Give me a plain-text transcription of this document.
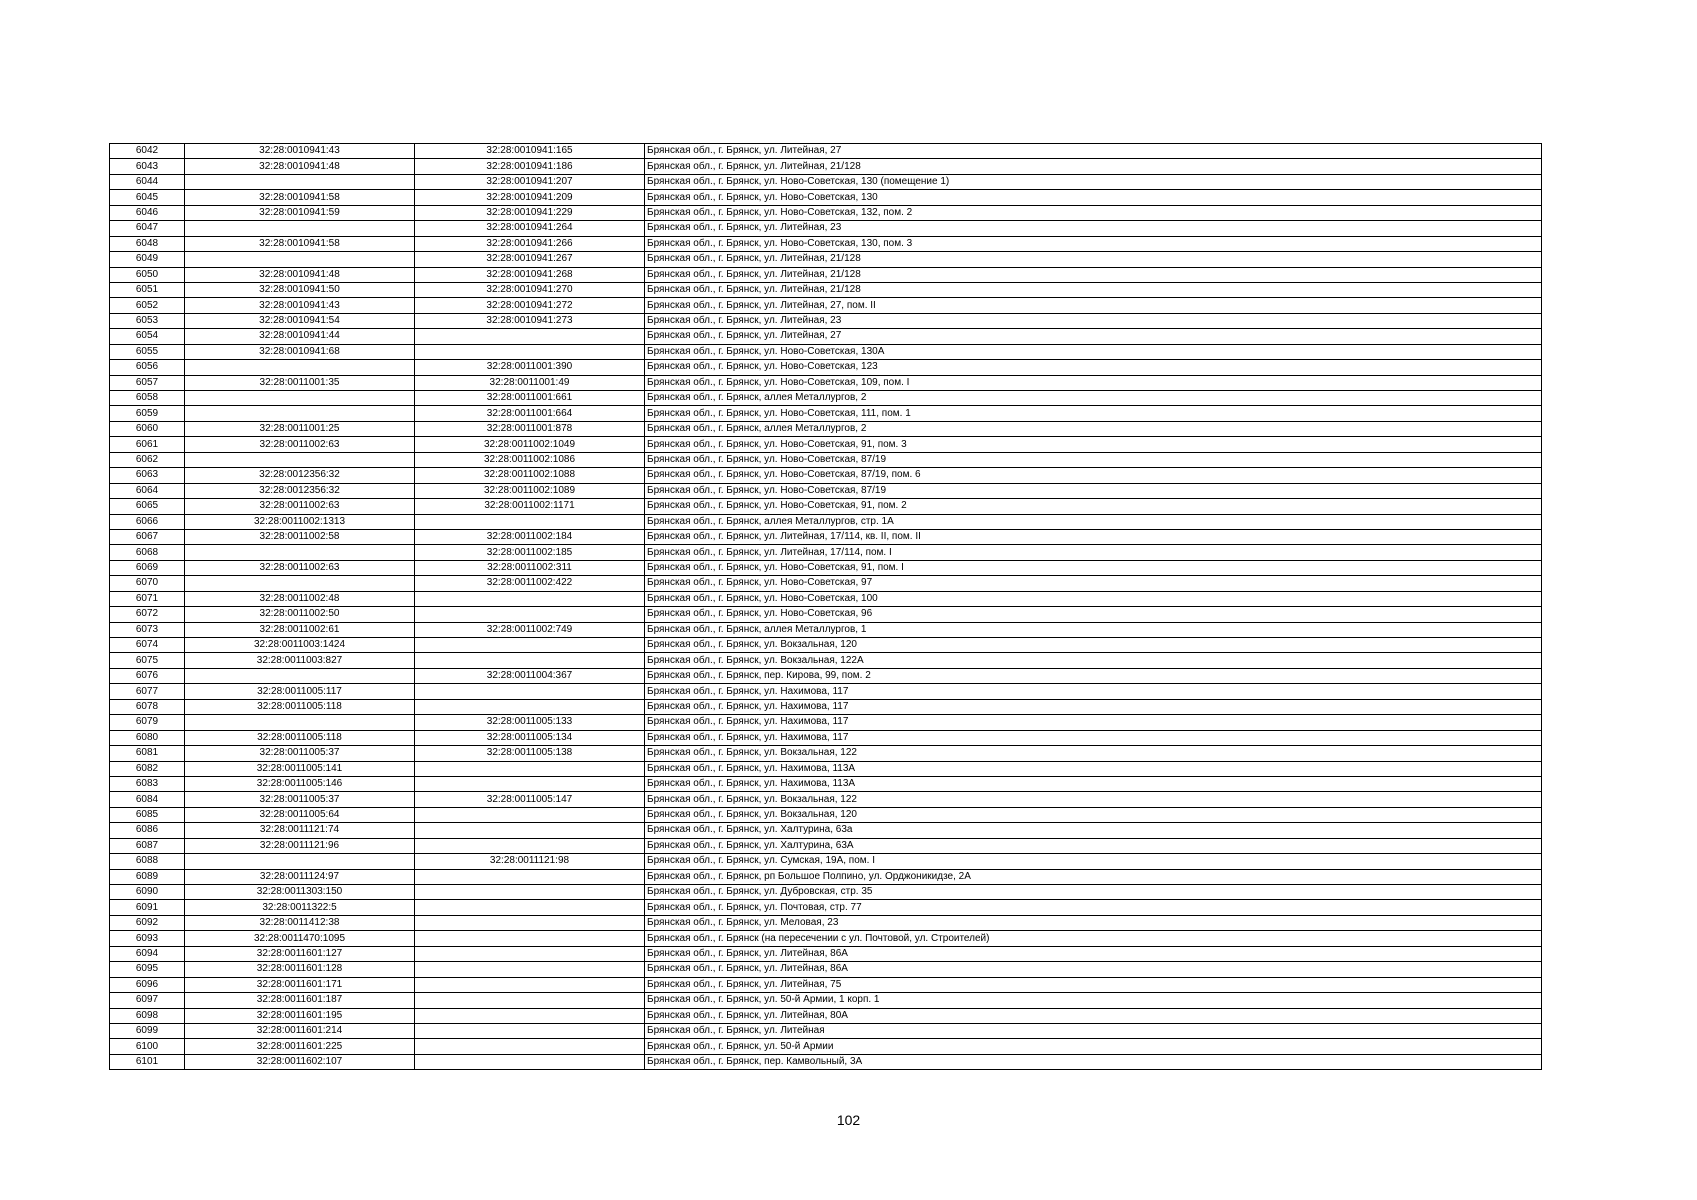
6042	32:28:0010941:43	32:28:0010941:165	Брянская обл., г. Брянск, ул. Литейная, 27
6043	32:28:0010941:48	32:28:0010941:186	Брянская обл., г. Брянск, ул. Литейная, 21/128
6044		32:28:0010941:207	Брянская обл., г. Брянск, ул. Ново-Советская, 130 (помещение 1)
6045	32:28:0010941:58	32:28:0010941:209	Брянская обл., г. Брянск, ул. Ново-Советская, 130
6046	32:28:0010941:59	32:28:0010941:229	Брянская обл., г. Брянск, ул. Ново-Советская, 132, пом. 2
6047		32:28:0010941:264	Брянская обл., г. Брянск, ул. Литейная, 23
6048	32:28:0010941:58	32:28:0010941:266	Брянская обл., г. Брянск, ул. Ново-Советская, 130, пом. 3
6049		32:28:0010941:267	Брянская обл., г. Брянск, ул. Литейная, 21/128
6050	32:28:0010941:48	32:28:0010941:268	Брянская обл., г. Брянск, ул. Литейная, 21/128
6051	32:28:0010941:50	32:28:0010941:270	Брянская обл., г. Брянск, ул. Литейная, 21/128
6052	32:28:0010941:43	32:28:0010941:272	Брянская обл., г. Брянск, ул. Литейная, 27, пом. II
6053	32:28:0010941:54	32:28:0010941:273	Брянская обл., г. Брянск, ул. Литейная, 23
6054	32:28:0010941:44		Брянская обл., г. Брянск, ул. Литейная, 27
6055	32:28:0010941:68		Брянская обл., г. Брянск, ул. Ново-Советская, 130А
6056		32:28:0011001:390	Брянская обл., г. Брянск, ул. Ново-Советская, 123
6057	32:28:0011001:35	32:28:0011001:49	Брянская обл., г. Брянск, ул. Ново-Советская, 109, пом. I
6058		32:28:0011001:661	Брянская обл., г. Брянск, аллея Металлургов, 2
6059		32:28:0011001:664	Брянская обл., г. Брянск, ул. Ново-Советская, 111, пом. 1
6060	32:28:0011001:25	32:28:0011001:878	Брянская обл., г. Брянск, аллея Металлургов, 2
6061	32:28:0011002:63	32:28:0011002:1049	Брянская обл., г. Брянск, ул. Ново-Советская, 91, пом. 3
6062		32:28:0011002:1086	Брянская обл., г. Брянск, ул. Ново-Советская, 87/19
6063	32:28:0012356:32	32:28:0011002:1088	Брянская обл., г. Брянск, ул. Ново-Советская, 87/19, пом. 6
6064	32:28:0012356:32	32:28:0011002:1089	Брянская обл., г. Брянск, ул. Ново-Советская, 87/19
6065	32:28:0011002:63	32:28:0011002:1171	Брянская обл., г. Брянск, ул. Ново-Советская, 91, пом. 2
6066	32:28:0011002:1313		Брянская обл., г. Брянск, аллея Металлургов, стр. 1А
6067	32:28:0011002:58	32:28:0011002:184	Брянская обл., г. Брянск, ул. Литейная, 17/114, кв. II, пом. II
6068		32:28:0011002:185	Брянская обл., г. Брянск, ул. Литейная, 17/114, пом. I
6069	32:28:0011002:63	32:28:0011002:311	Брянская обл., г. Брянск, ул. Ново-Советская, 91, пом. I
6070		32:28:0011002:422	Брянская обл., г. Брянск, ул. Ново-Советская, 97
6071	32:28:0011002:48		Брянская обл., г. Брянск, ул. Ново-Советская, 100
6072	32:28:0011002:50		Брянская обл., г. Брянск, ул. Ново-Советская, 96
6073	32:28:0011002:61	32:28:0011002:749	Брянская обл., г. Брянск, аллея Металлургов, 1
6074	32:28:0011003:1424		Брянская обл., г. Брянск, ул. Вокзальная, 120
6075	32:28:0011003:827		Брянская обл., г. Брянск, ул. Вокзальная, 122А
6076		32:28:0011004:367	Брянская обл., г. Брянск, пер. Кирова, 99, пом. 2
6077	32:28:0011005:117		Брянская обл., г. Брянск, ул. Нахимова, 117
6078	32:28:0011005:118		Брянская обл., г. Брянск, ул. Нахимова, 117
6079		32:28:0011005:133	Брянская обл., г. Брянск, ул. Нахимова, 117
6080	32:28:0011005:118	32:28:0011005:134	Брянская обл., г. Брянск, ул. Нахимова, 117
6081	32:28:0011005:37	32:28:0011005:138	Брянская обл., г. Брянск, ул. Вокзальная, 122
6082	32:28:0011005:141		Брянская обл., г. Брянск, ул. Нахимова, 113А
6083	32:28:0011005:146		Брянская обл., г. Брянск, ул. Нахимова, 113А
6084	32:28:0011005:37	32:28:0011005:147	Брянская обл., г. Брянск, ул. Вокзальная, 122
6085	32:28:0011005:64		Брянская обл., г. Брянск, ул. Вокзальная, 120
6086	32:28:0011121:74		Брянская обл., г. Брянск, ул. Халтурина, 63а
6087	32:28:0011121:96		Брянская обл., г. Брянск, ул. Халтурина, 63А
6088		32:28:0011121:98	Брянская обл., г. Брянск, ул. Сумская, 19А, пом. I
6089	32:28:0011124:97		Брянская обл., г. Брянск, рп Большое Полпино, ул. Орджоникидзе, 2А
6090	32:28:0011303:150		Брянская обл., г. Брянск, ул. Дубровская, стр. 35
6091	32:28:0011322:5		Брянская обл., г. Брянск, ул. Почтовая, стр. 77
6092	32:28:0011412:38		Брянская обл., г. Брянск, ул. Меловая, 23
6093	32:28:0011470:1095		Брянская обл., г. Брянск (на пересечении с ул. Почтовой, ул. Строителей)
6094	32:28:0011601:127		Брянская обл., г. Брянск, ул. Литейная, 86А
6095	32:28:0011601:128		Брянская обл., г. Брянск, ул. Литейная, 86А
6096	32:28:0011601:171		Брянская обл., г. Брянск, ул. Литейная, 75
6097	32:28:0011601:187		Брянская обл., г. Брянск, ул. 50-й Армии, 1 корп. 1
6098	32:28:0011601:195		Брянская обл., г. Брянск, ул. Литейная, 80А
6099	32:28:0011601:214		Брянская обл., г. Брянск, ул. Литейная
6100	32:28:0011601:225		Брянская обл., г. Брянск, ул. 50-й Армии
6101	32:28:0011602:107		Брянская обл., г. Брянск, пер. Камвольный, 3А
102
